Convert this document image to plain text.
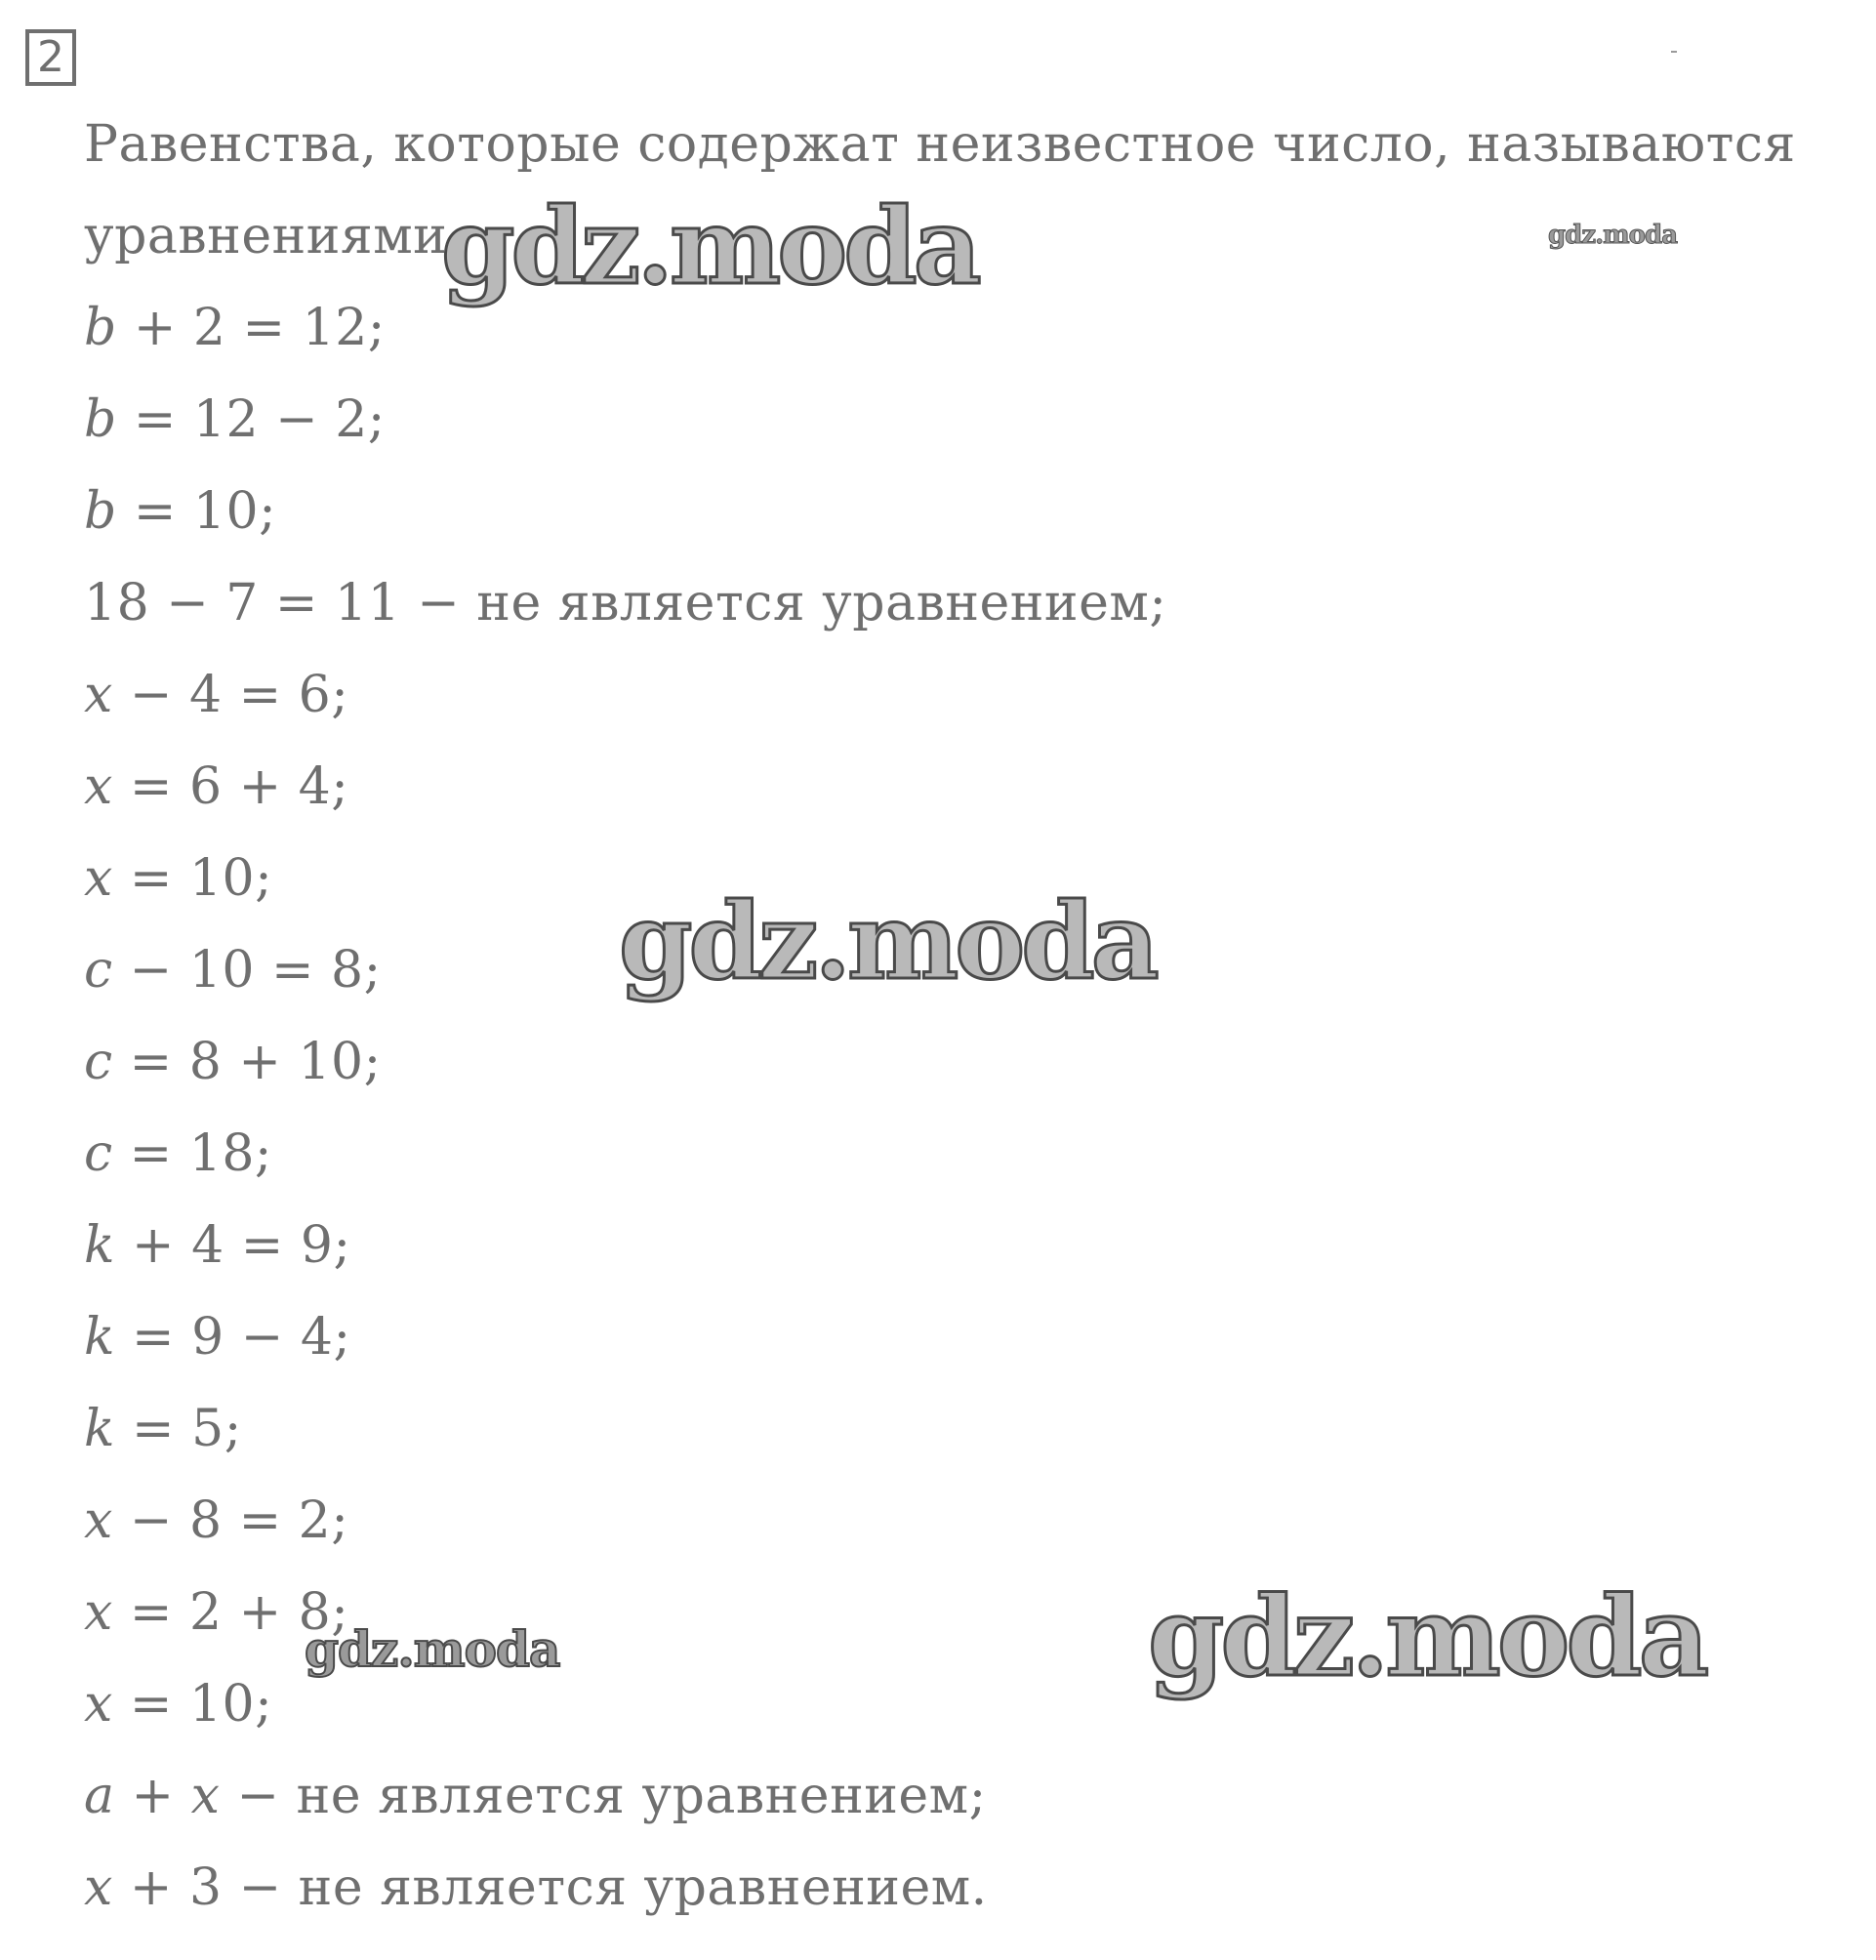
2
Равенства, которые содержат неизвестное число, называются
уравнениями.
b + 2 = 12;
b = 12 − 2;
b = 10;
18 − 7 = 11 − не является уравнением;
x − 4 = 6;
x = 6 + 4;
x = 10;
c − 10 = 8;
c = 8 + 10;
c = 18;
k + 4 = 9;
k = 9 − 4;
k = 5;
x − 8 = 2;
x = 2 + 8;
x = 10;
a + x − не является уравнением;
x + 3 − не является уравнением.
gdz.moda	gdz.moda
gdz.moda
gdz.moda	gdz.moda
